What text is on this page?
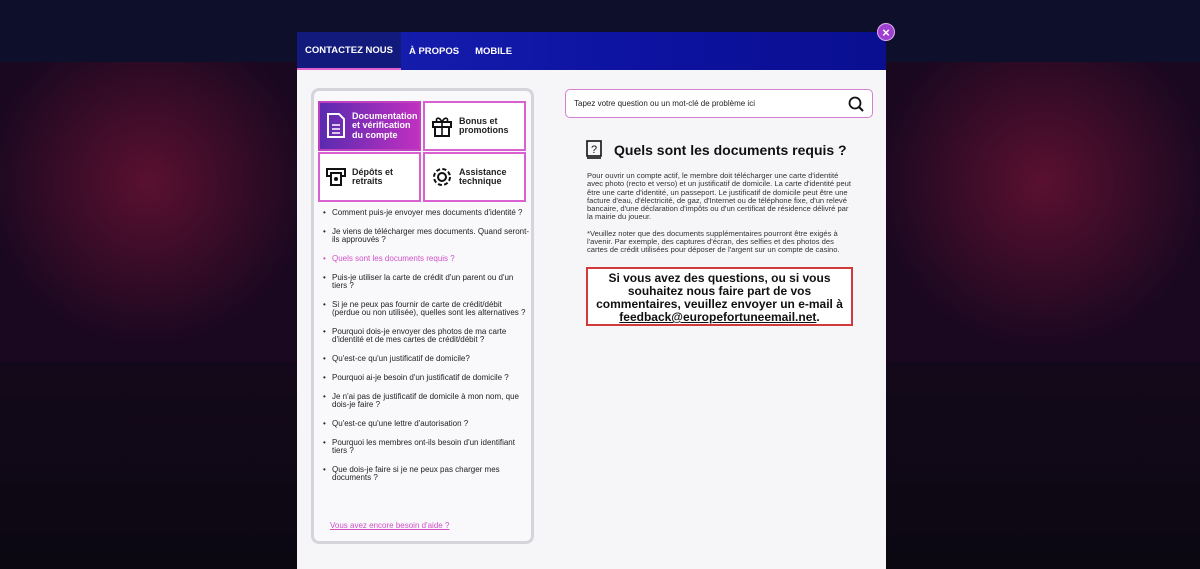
CONTACTEZ NOUS	À PROPOS	MOBILE
Documentation et vérification du compte
Bonus et promotions
Dépôts et retraits
Assistance technique
• Comment puis-je envoyer mes documents d'identité ?
• Je viens de télécharger mes documents. Quand seront-ils approuvés ?
• Quels sont les documents requis ?
• Puis-je utiliser la carte de crédit d'un parent ou d'un tiers ?
• Si je ne peux pas fournir de carte de crédit/débit (perdue ou non utilisée), quelles sont les alternatives ?
• Pourquoi dois-je envoyer des photos de ma carte d'identité et de mes cartes de crédit/débit ?
• Qu'est-ce qu'un justificatif de domicile?
• Pourquoi ai-je besoin d'un justificatif de domicile ?
• Je n'ai pas de justificatif de domicile à mon nom, que dois-je faire ?
• Qu'est-ce qu'une lettre d'autorisation ?
• Pourquoi les membres ont-ils besoin d'un identifiant tiers ?
• Que dois-je faire si je ne peux pas charger mes documents ?
Vous avez encore besoin d'aide ?
Tapez votre question ou un mot-clé de problème ici
? Quels sont les documents requis ?

Pour ouvrir un compte actif, le membre doit télécharger une carte d'identité avec photo (recto et verso) et un justificatif de domicile. La carte d'identité peut être une carte d'identité, un passeport. Le justificatif de domicile peut être une facture d'eau, d'électricité, de gaz, d'Internet ou de téléphone fixe, d'un relevé bancaire, d'une déclaration d'impôts ou d'un certificat de résidence délivré par la mairie du joueur.

*Veuillez noter que des documents supplémentaires pourront être exigés à l'avenir. Par exemple, des captures d'écran, des selfies et des photos des cartes de crédit utilisées pour déposer de l'argent sur un compte de casino.

Si vous avez des questions, ou si vous souhaitez nous faire part de vos commentaires, veuillez envoyer un e-mail à feedback@europefortuneemail.net.
×
